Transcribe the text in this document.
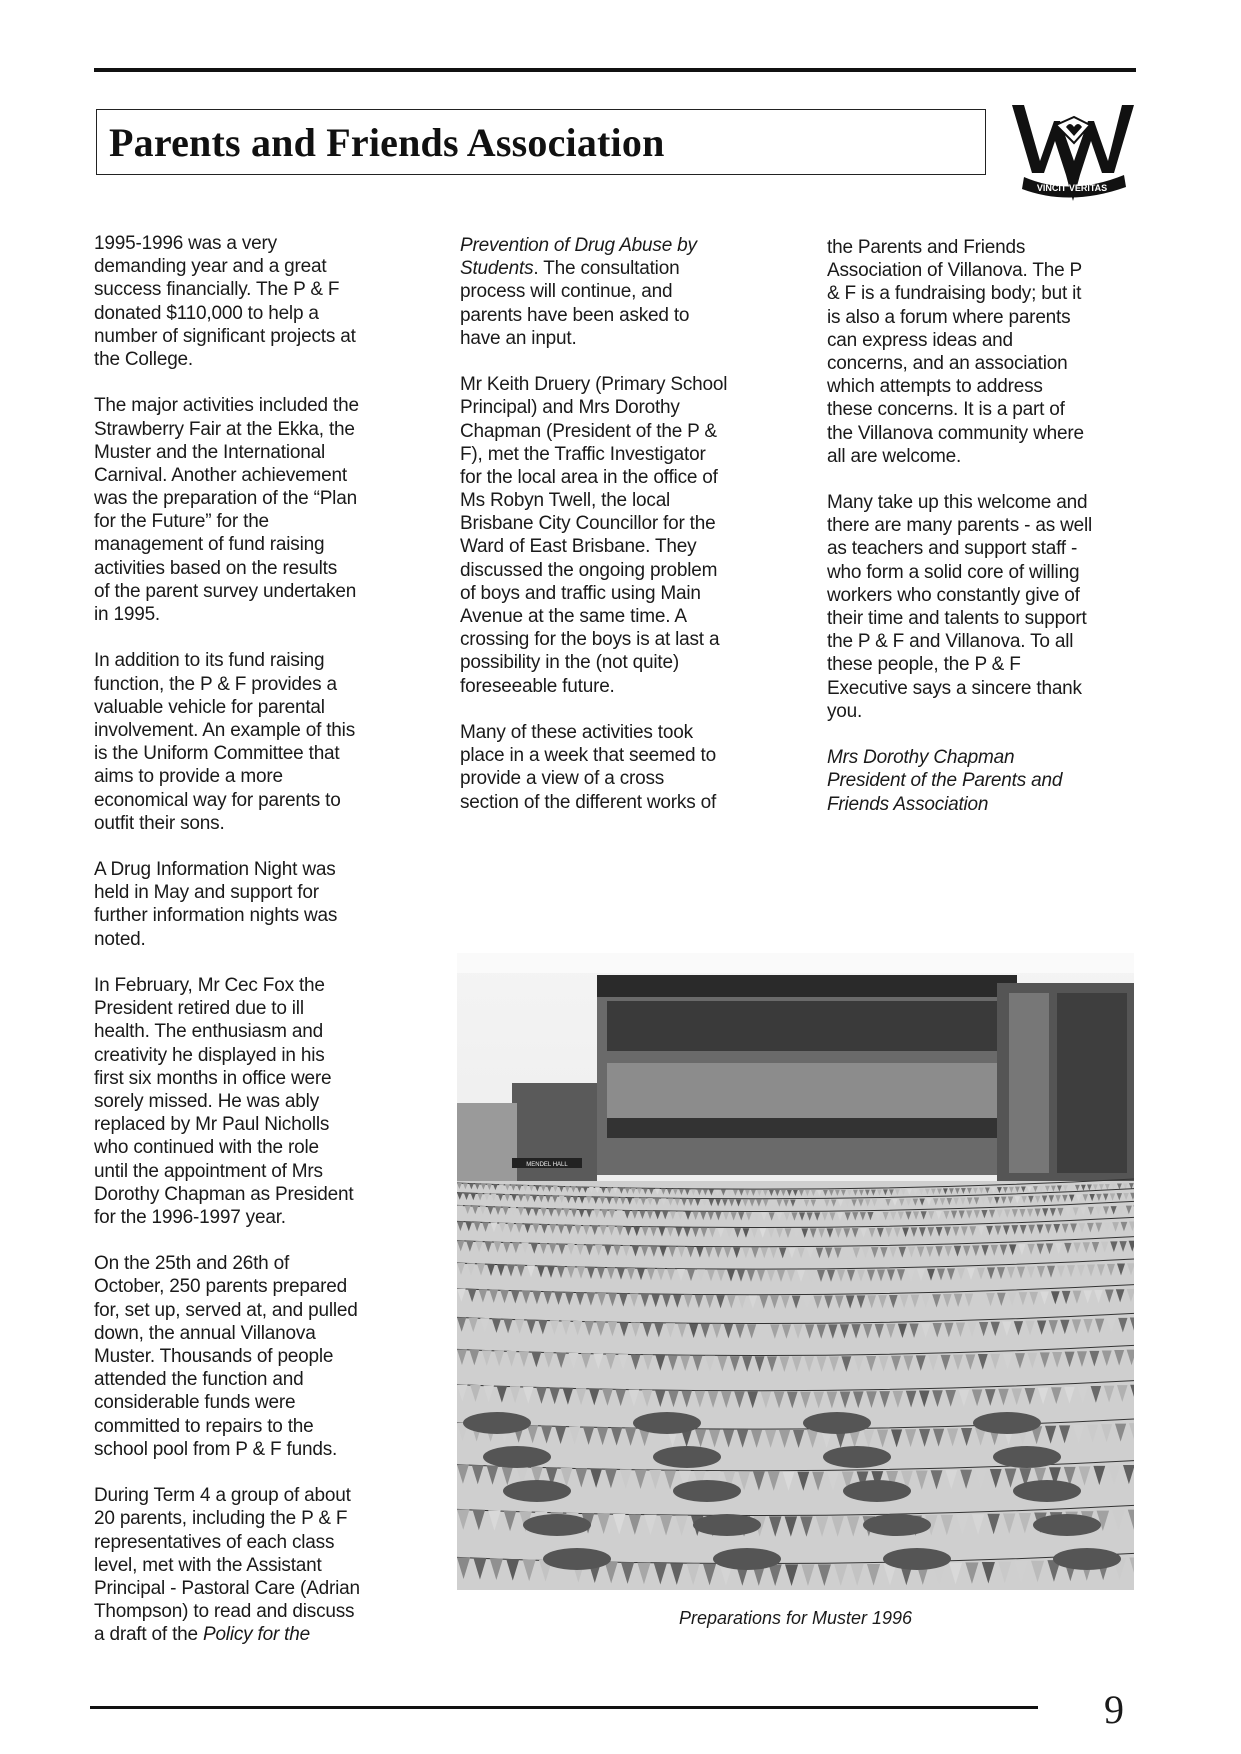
Parents and Friends Association
VINCIT VERITAS
1995-1996 was a very
demanding year and a great
success financially. The P & F
donated $110,000 to help a
number of significant projects at
the College.
The major activities included the
Strawberry Fair at the Ekka, the
Muster and the International
Carnival. Another achievement
was the preparation of the “Plan
for the Future” for the
management of fund raising
activities based on the results
of the parent survey undertaken
in 1995.
In addition to its fund raising
function, the P & F provides a
valuable vehicle for parental
involvement. An example of this
is the Uniform Committee that
aims to provide a more
economical way for parents to
outfit their sons.
A Drug Information Night was
held in May and support for
further information nights was
noted.
In February, Mr Cec Fox the
President retired due to ill
health. The enthusiasm and
creativity he displayed in his
first six months in office were
sorely missed. He was ably
replaced by Mr Paul Nicholls
who continued with the role
until the appointment of Mrs
Dorothy Chapman as President
for the 1996-1997 year.
On the 25th and 26th of
October, 250 parents prepared
for, set up, served at, and pulled
down, the annual Villanova
Muster. Thousands of people
attended the function and
considerable funds were
committed to repairs to the
school pool from P & F funds.
During Term 4 a group of about
20 parents, including the P & F
representatives of each class
level, met with the Assistant
Principal - Pastoral Care (Adrian
Thompson) to read and discuss
a draft of the Policy for the
Prevention of Drug Abuse by
Students. The consultation
process will continue, and
parents have been asked to
have an input.
Mr Keith Druery (Primary School
Principal) and Mrs Dorothy
Chapman (President of the P &
F), met the Traffic Investigator
for the local area in the office of
Ms Robyn Twell, the local
Brisbane City Councillor for the
Ward of East Brisbane. They
discussed the ongoing problem
of boys and traffic using Main
Avenue at the same time. A
crossing for the boys is at last a
possibility in the (not quite)
foreseeable future.
Many of these activities took
place in a week that seemed to
provide a view of a cross
section of the different works of
the Parents and Friends
Association of Villanova. The P
& F is a fundraising body; but it
is also a forum where parents
can express ideas and
concerns, and an association
which attempts to address
these concerns. It is a part of
the Villanova community where
all are welcome.
Many take up this welcome and
there are many parents - as well
as teachers and support staff -
who form a solid core of willing
workers who constantly give of
their time and talents to support
the P & F and Villanova. To all
these people, the P & F
Executive says a sincere thank
you.
Mrs Dorothy Chapman
President of the Parents and
Friends Association
MENDEL HALL
Preparations for Muster 1996
9
